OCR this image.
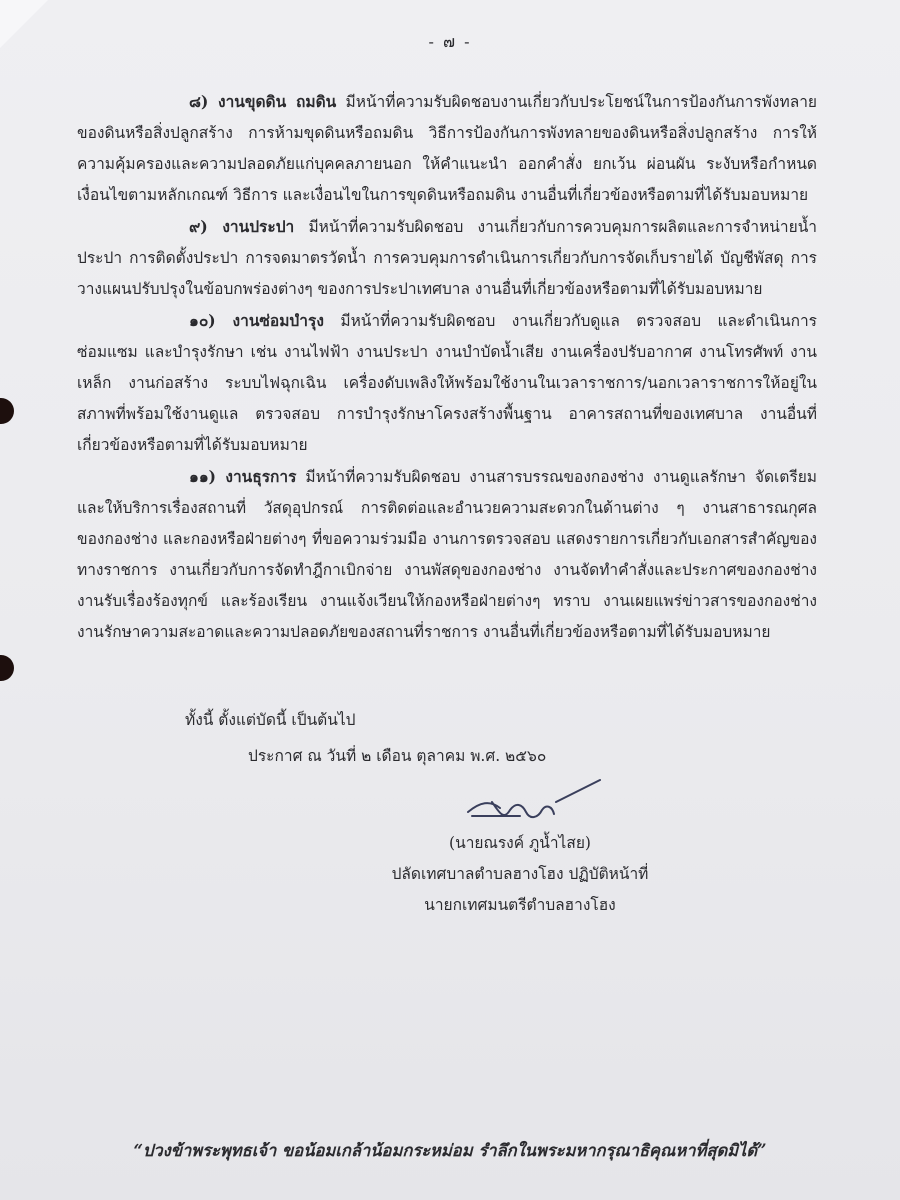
- ๗ -

๘) งานขุดดิน ถมดิน มีหน้าที่ความรับผิดชอบงานเกี่ยวกับประโยชน์ในการป้องกันการพังทลายของดินหรือสิ่งปลูกสร้าง การห้ามขุดดินหรือถมดิน วิธีการป้องกันการพังทลายของดินหรือสิ่งปลูกสร้าง การให้ความคุ้มครองและความปลอดภัยแก่บุคคลภายนอก ให้คำแนะนำ ออกคำสั่ง ยกเว้น ผ่อนผัน ระงับหรือกำหนดเงื่อนไขตามหลักเกณฑ์ วิธีการ และเงื่อนไขในการขุดดินหรือถมดิน งานอื่นที่เกี่ยวข้องหรือตามที่ได้รับมอบหมาย

๙) งานประปา มีหน้าที่ความรับผิดชอบ งานเกี่ยวกับการควบคุมการผลิตและการจำหน่ายน้ำประปา การติดตั้งประปา การจดมาตรวัดน้ำ การควบคุมการดำเนินการเกี่ยวกับการจัดเก็บรายได้ บัญชีพัสดุ การวางแผนปรับปรุงในข้อบกพร่องต่างๆ ของการประปาเทศบาล งานอื่นที่เกี่ยวข้องหรือตามที่ได้รับมอบหมาย

๑๐) งานซ่อมบำรุง มีหน้าที่ความรับผิดชอบ งานเกี่ยวกับดูแล ตรวจสอบ และดำเนินการซ่อมแซม และบำรุงรักษา เช่น งานไฟฟ้า งานประปา งานบำบัดน้ำเสีย งานเครื่องปรับอากาศ งานโทรศัพท์ งานเหล็ก งานก่อสร้าง ระบบไฟฉุกเฉิน เครื่องดับเพลิงให้พร้อมใช้งานในเวลาราชการ/นอกเวลาราชการให้อยู่ในสภาพที่พร้อมใช้งานดูแล ตรวจสอบ การบำรุงรักษาโครงสร้างพื้นฐาน อาคารสถานที่ของเทศบาล งานอื่นที่เกี่ยวข้องหรือตามที่ได้รับมอบหมาย

๑๑) งานธุรการ มีหน้าที่ความรับผิดชอบ งานสารบรรณของกองช่าง งานดูแลรักษา จัดเตรียมและให้บริการเรื่องสถานที่ วัสดุอุปกรณ์ การติดต่อและอำนวยความสะดวกในด้านต่าง ๆ งานสาธารณกุศลของกองช่าง และกองหรือฝ่ายต่างๆ ที่ขอความร่วมมือ งานการตรวจสอบ แสดงรายการเกี่ยวกับเอกสารสำคัญของทางราชการ งานเกี่ยวกับการจัดทำฎีกาเบิกจ่าย งานพัสดุของกองช่าง งานจัดทำคำสั่งและประกาศของกองช่าง งานรับเรื่องร้องทุกข์ และร้องเรียน งานแจ้งเวียนให้กองหรือฝ่ายต่างๆ ทราบ งานเผยแพร่ข่าวสารของกองช่าง งานรักษาความสะอาดและความปลอดภัยของสถานที่ราชการ งานอื่นที่เกี่ยวข้องหรือตามที่ได้รับมอบหมาย

ทั้งนี้ ตั้งแต่บัดนี้ เป็นต้นไป
ประกาศ ณ วันที่ ๒ เดือน ตุลาคม พ.ศ. ๒๕๖๐
(นายณรงค์ ภูน้ำไสย)
ปลัดเทศบาลตำบลฮางโฮง ปฏิบัติหน้าที่
นายกเทศมนตรีตำบลฮางโฮง
“ปวงข้าพระพุทธเจ้า ขอน้อมเกล้าน้อมกระหม่อม รำลึกในพระมหากรุณาธิคุณหาที่สุดมิได้”
